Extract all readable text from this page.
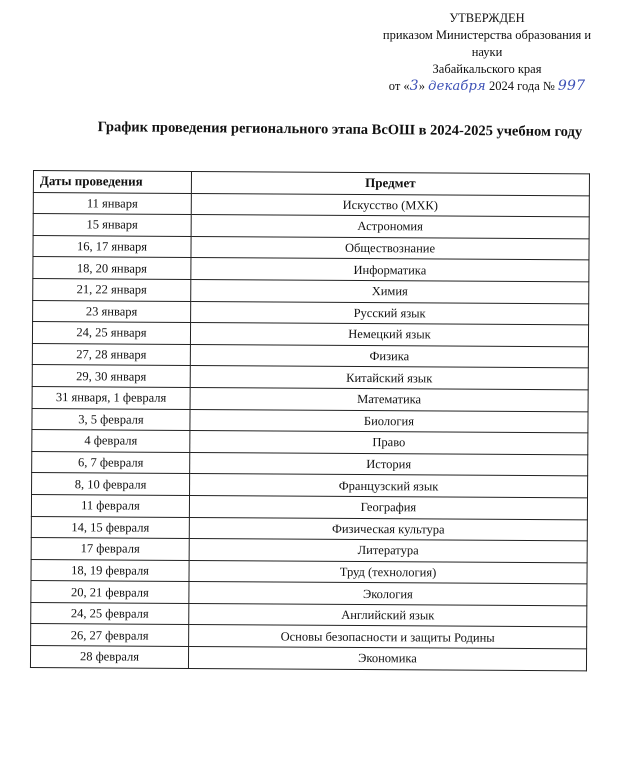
УТВЕРЖДЕН
приказом Министерства образования и
науки
Забайкальского края
от «3» декабря 2024 года № 997
График проведения регионального этапа ВсОШ в 2024-2025 учебном году
Даты проведения	Предмет
11 января	Искусство (МХК)
15 января	Астрономия
16, 17 января	Обществознание
18, 20 января	Информатика
21, 22 января	Химия
23 января	Русский язык
24, 25 января	Немецкий язык
27, 28 января	Физика
29, 30 января	Китайский язык
31 января, 1 февраля	Математика
3, 5 февраля	Биология
4 февраля	Право
6, 7 февраля	История
8, 10 февраля	Французский язык
11 февраля	География
14, 15 февраля	Физическая культура
17 февраля	Литература
18, 19 февраля	Труд (технология)
20, 21 февраля	Экология
24, 25 февраля	Английский язык
26, 27 февраля	Основы безопасности и защиты Родины
28 февраля	Экономика
